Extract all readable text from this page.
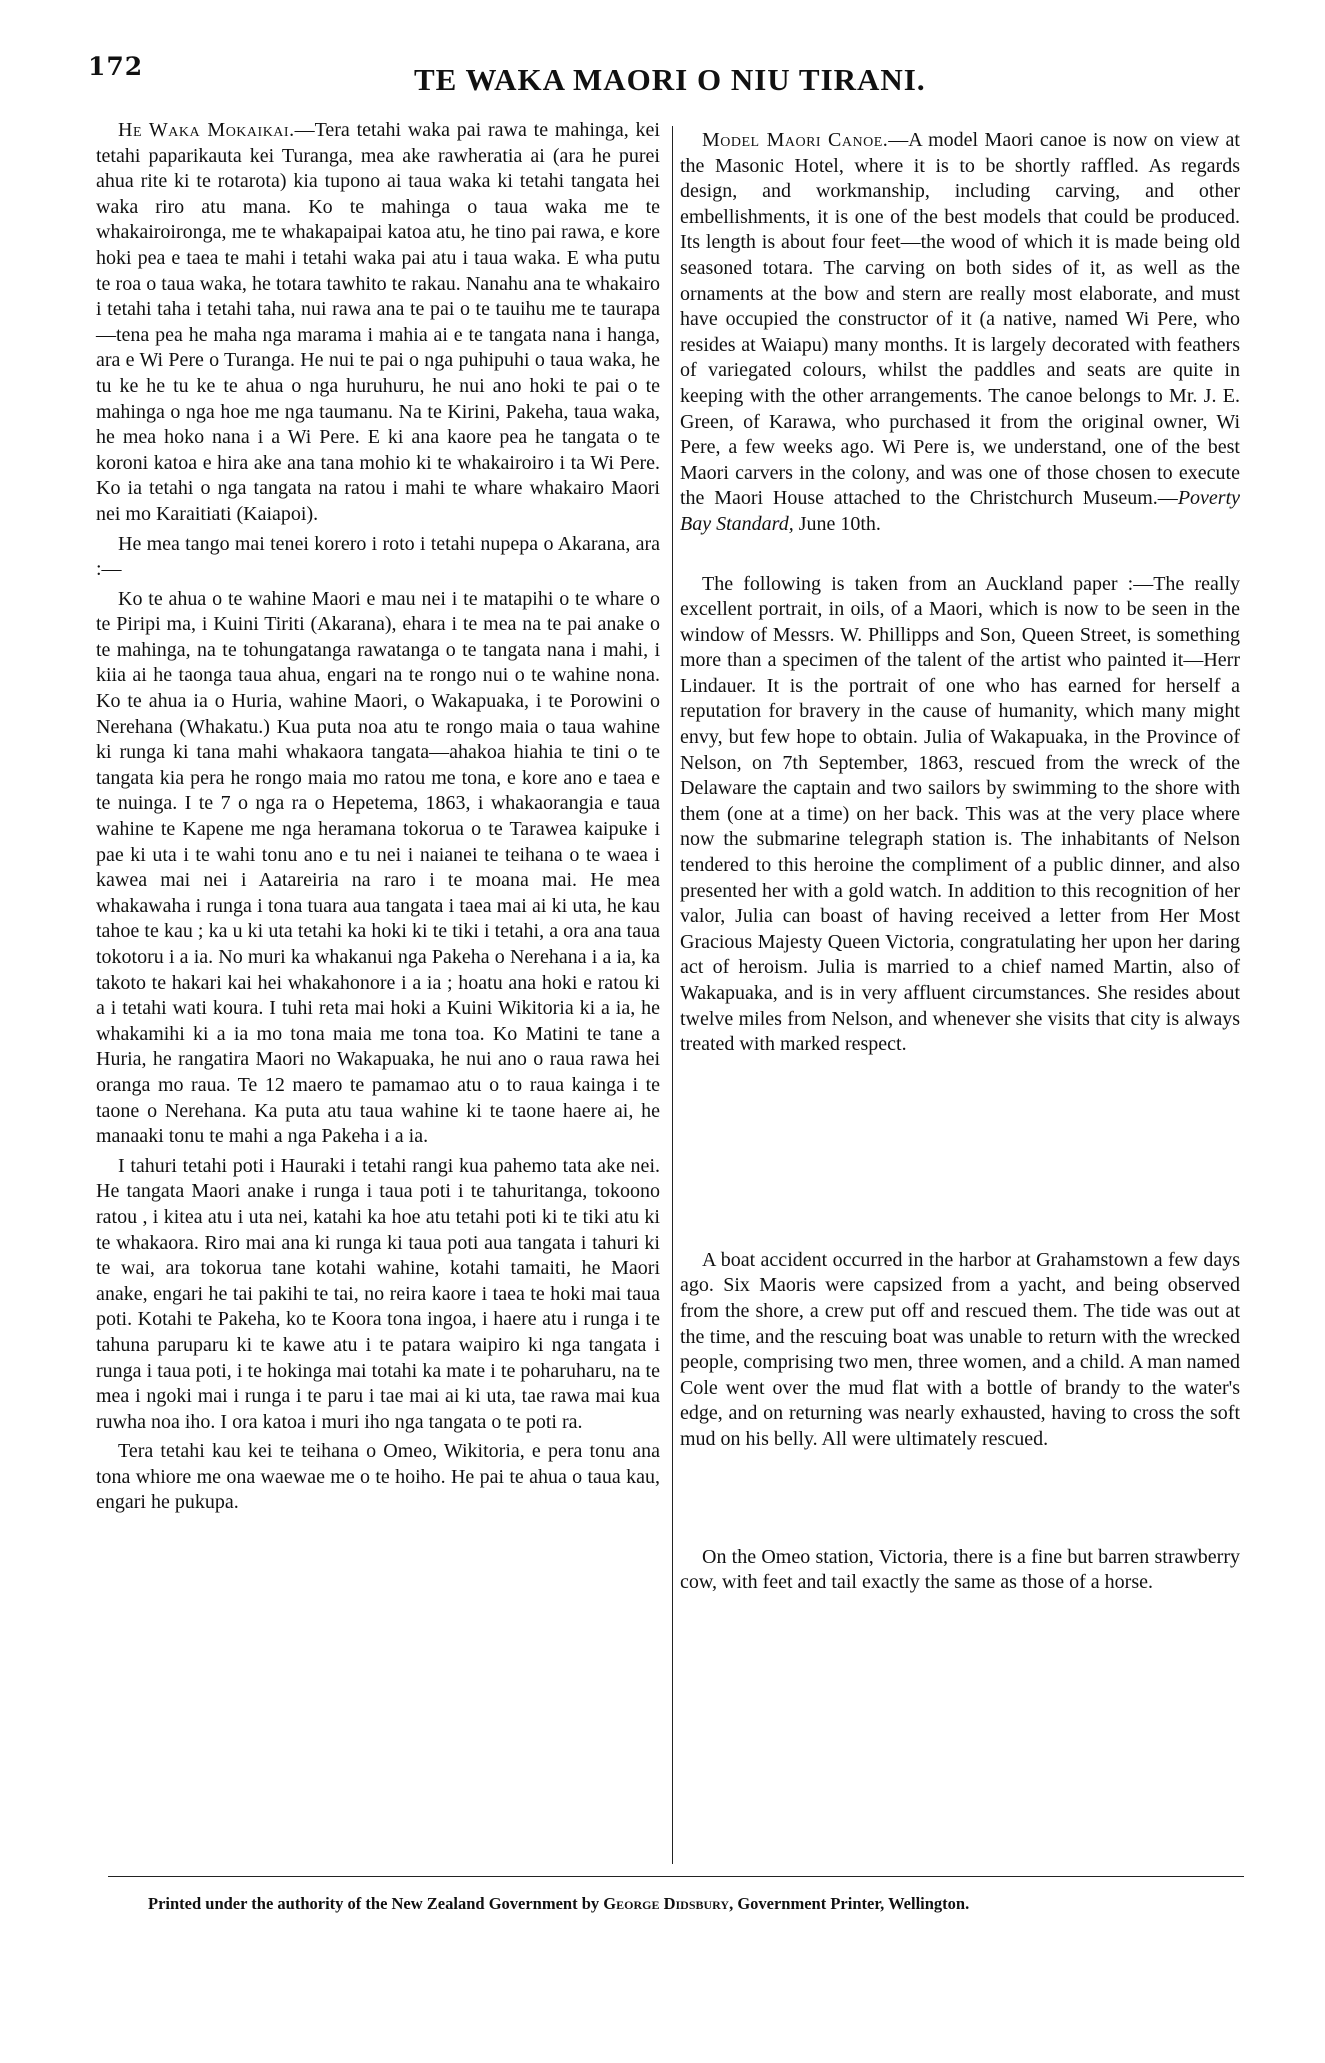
172	TE WAKA MAORI O NIU TIRANI.

He Waka Mokaikai.—Tera tetahi waka pai rawa te mahinga, kei tetahi paparikauta kei Turanga, mea ake rawheratia ai (ara he purei ahua rite ki te rotarota) kia tupono ai taua waka ki tetahi tangata hei waka riro atu mana. Ko te mahinga o taua waka me te whakairoironga, me te whakapaipai katoa atu, he tino pai rawa, e kore hoki pea e taea te mahi i tetahi waka pai atu i taua waka. E wha putu te roa o taua waka, he totara tawhito te rakau. Nanahu ana te whakairo i tetahi taha i tetahi taha, nui rawa ana te pai o te tauihu me te taurapa—tena pea he maha nga marama i mahia ai e te tangata nana i hanga, ara e Wi Pere o Turanga. He nui te pai o nga puhipuhi o taua waka, he tu ke he tu ke te ahua o nga huruhuru, he nui ano hoki te pai o te mahinga o nga hoe me nga taumanu. Na te Kirini, Pakeha, taua waka, he mea hoko nana i a Wi Pere. E ki ana kaore pea he tangata o te koroni katoa e hira ake ana tana mohio ki te whakairoiro i ta Wi Pere. Ko ia tetahi o nga tangata na ratou i mahi te whare whakairo Maori nei mo Karaitiati (Kaiapoi).

He mea tango mai tenei korero i roto i tetahi nupepa o Akarana, ara :—

Ko te ahua o te wahine Maori e mau nei i te matapihi o te whare o te Piripi ma, i Kuini Tiriti (Akarana), ehara i te mea na te pai anake o te mahinga, na te tohungatanga rawatanga o te tangata nana i mahi, i kiia ai he taonga taua ahua, engari na te rongo nui o te wahine nona. Ko te ahua ia o Huria, wahine Maori, o Wakapuaka, i te Porowini o Nerehana (Whakatu.) Kua puta noa atu te rongo maia o taua wahine ki runga ki tana mahi whakaora tangata—ahakoa hiahia te tini o te tangata kia pera he rongo maia mo ratou me tona, e kore ano e taea e te nuinga. I te 7 o nga ra o Hepetema, 1863, i whakaorangia e taua wahine te Kapene me nga heramana tokorua o te Tarawea kaipuke i pae ki uta i te wahi tonu ano e tu nei i naianei te teihana o te waea i kawea mai nei i Aatareiria na raro i te moana mai. He mea whakawaha i runga i tona tuara aua tangata i taea mai ai ki uta, he kau tahoe te kau ; ka u ki uta tetahi ka hoki ki te tiki i tetahi, a ora ana taua tokotoru i a ia. No muri ka whakanui nga Pakeha o Nerehana i a ia, ka takoto te hakari kai hei whakahonore i a ia ; hoatu ana hoki e ratou ki a i tetahi wati koura. I tuhi reta mai hoki a Kuini Wikitoria ki a ia, he whakamihi ki a ia mo tona maia me tona toa. Ko Matini te tane a Huria, he rangatira Maori no Wakapuaka, he nui ano o raua rawa hei oranga mo raua. Te 12 maero te pamamao atu o to raua kainga i te taone o Nerehana. Ka puta atu taua wahine ki te taone haere ai, he manaaki tonu te mahi a nga Pakeha i a ia.

I tahuri tetahi poti i Hauraki i tetahi rangi kua pahemo tata ake nei. He tangata Maori anake i runga i taua poti i te tahuritanga, tokoono ratou , i kitea atu i uta nei, katahi ka hoe atu tetahi poti ki te tiki atu ki te whakaora. Riro mai ana ki runga ki taua poti aua tangata i tahuri ki te wai, ara tokorua tane kotahi wahine, kotahi tamaiti, he Maori anake, engari he tai pakihi te tai, no reira kaore i taea te hoki mai taua poti. Kotahi te Pakeha, ko te Koora tona ingoa, i haere atu i runga i te tahuna paruparu ki te kawe atu i te patara waipiro ki nga tangata i runga i taua poti, i te hokinga mai totahi ka mate i te poharuharu, na te mea i ngoki mai i runga i te paru i tae mai ai ki uta, tae rawa mai kua ruwha noa iho. I ora katoa i muri iho nga tangata o te poti ra.

Tera tetahi kau kei te teihana o Omeo, Wikitoria, e pera tonu ana tona whiore me ona waewae me o te hoiho. He pai te ahua o taua kau, engari he pukupa.

Model Maori Canoe.—A model Maori canoe is now on view at the Masonic Hotel, where it is to be shortly raffled. As regards design, and workmanship, including carving, and other embellishments, it is one of the best models that could be produced. Its length is about four feet—the wood of which it is made being old seasoned totara. The carving on both sides of it, as well as the ornaments at the bow and stern are really most elaborate, and must have occupied the constructor of it (a native, named Wi Pere, who resides at Waiapu) many months. It is largely decorated with feathers of variegated colours, whilst the paddles and seats are quite in keeping with the other arrangements. The canoe belongs to Mr. J. E. Green, of Karawa, who purchased it from the original owner, Wi Pere, a few weeks ago. Wi Pere is, we understand, one of the best Maori carvers in the colony, and was one of those chosen to execute the Maori House attached to the Christchurch Museum.—Poverty Bay Standard, June 10th.

The following is taken from an Auckland paper :—The really excellent portrait, in oils, of a Maori, which is now to be seen in the window of Messrs. W. Phillipps and Son, Queen Street, is something more than a specimen of the talent of the artist who painted it—Herr Lindauer. It is the portrait of one who has earned for herself a reputation for bravery in the cause of humanity, which many might envy, but few hope to obtain. Julia of Wakapuaka, in the Province of Nelson, on 7th September, 1863, rescued from the wreck of the Delaware the captain and two sailors by swimming to the shore with them (one at a time) on her back. This was at the very place where now the submarine telegraph station is. The inhabitants of Nelson tendered to this heroine the compliment of a public dinner, and also presented her with a gold watch. In addition to this recognition of her valor, Julia can boast of having received a letter from Her Most Gracious Majesty Queen Victoria, congratulating her upon her daring act of heroism. Julia is married to a chief named Martin, also of Wakapuaka, and is in very affluent circumstances. She resides about twelve miles from Nelson, and whenever she visits that city is always treated with marked respect.

A boat accident occurred in the harbor at Grahamstown a few days ago. Six Maoris were capsized from a yacht, and being observed from the shore, a crew put off and rescued them. The tide was out at the time, and the rescuing boat was unable to return with the wrecked people, comprising two men, three women, and a child. A man named Cole went over the mud flat with a bottle of brandy to the water's edge, and on returning was nearly exhausted, having to cross the soft mud on his belly. All were ultimately rescued.

On the Omeo station, Victoria, there is a fine but barren strawberry cow, with feet and tail exactly the same as those of a horse.

Printed under the authority of the New Zealand Government by George Didsbury, Government Printer, Wellington.
